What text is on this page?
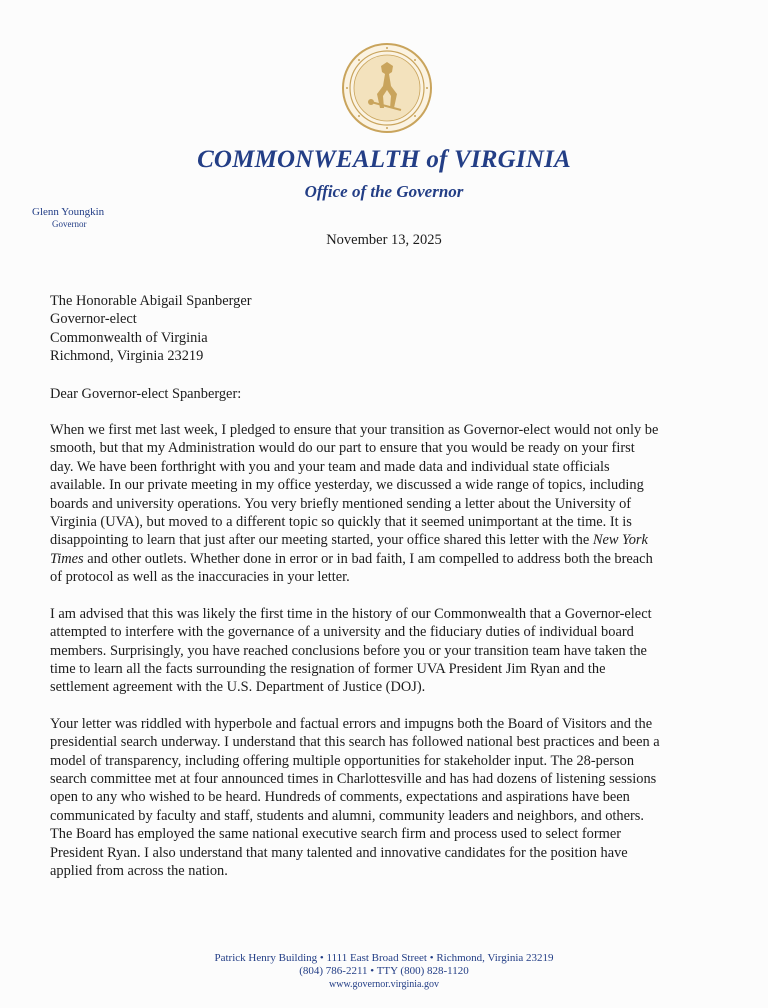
COMMONWEALTH of VIRGINIA
Office of the Governor
Glenn Youngkin
Governor
November 13, 2025
The Honorable Abigail Spanberger
Governor-elect
Commonwealth of Virginia
Richmond, Virginia 23219
Dear Governor-elect Spanberger:
When we first met last week, I pledged to ensure that your transition as Governor-elect would not only be
smooth, but that my Administration would do our part to ensure that you would be ready on your first
day. We have been forthright with you and your team and made data and individual state officials
available. In our private meeting in my office yesterday, we discussed a wide range of topics, including
boards and university operations. You very briefly mentioned sending a letter about the University of
Virginia (UVA), but moved to a different topic so quickly that it seemed unimportant at the time. It is
disappointing to learn that just after our meeting started, your office shared this letter with the New York
Times and other outlets. Whether done in error or in bad faith, I am compelled to address both the breach
of protocol as well as the inaccuracies in your letter.
I am advised that this was likely the first time in the history of our Commonwealth that a Governor-elect
attempted to interfere with the governance of a university and the fiduciary duties of individual board
members. Surprisingly, you have reached conclusions before you or your transition team have taken the
time to learn all the facts surrounding the resignation of former UVA President Jim Ryan and the
settlement agreement with the U.S. Department of Justice (DOJ).
Your letter was riddled with hyperbole and factual errors and impugns both the Board of Visitors and the
presidential search underway. I understand that this search has followed national best practices and been a
model of transparency, including offering multiple opportunities for stakeholder input. The 28-person
search committee met at four announced times in Charlottesville and has had dozens of listening sessions
open to any who wished to be heard. Hundreds of comments, expectations and aspirations have been
communicated by faculty and staff, students and alumni, community leaders and neighbors, and others.
The Board has employed the same national executive search firm and process used to select former
President Ryan. I also understand that many talented and innovative candidates for the position have
applied from across the nation.
Patrick Henry Building • 1111 East Broad Street • Richmond, Virginia 23219
(804) 786-2211 • TTY (800) 828-1120
www.governor.virginia.gov
